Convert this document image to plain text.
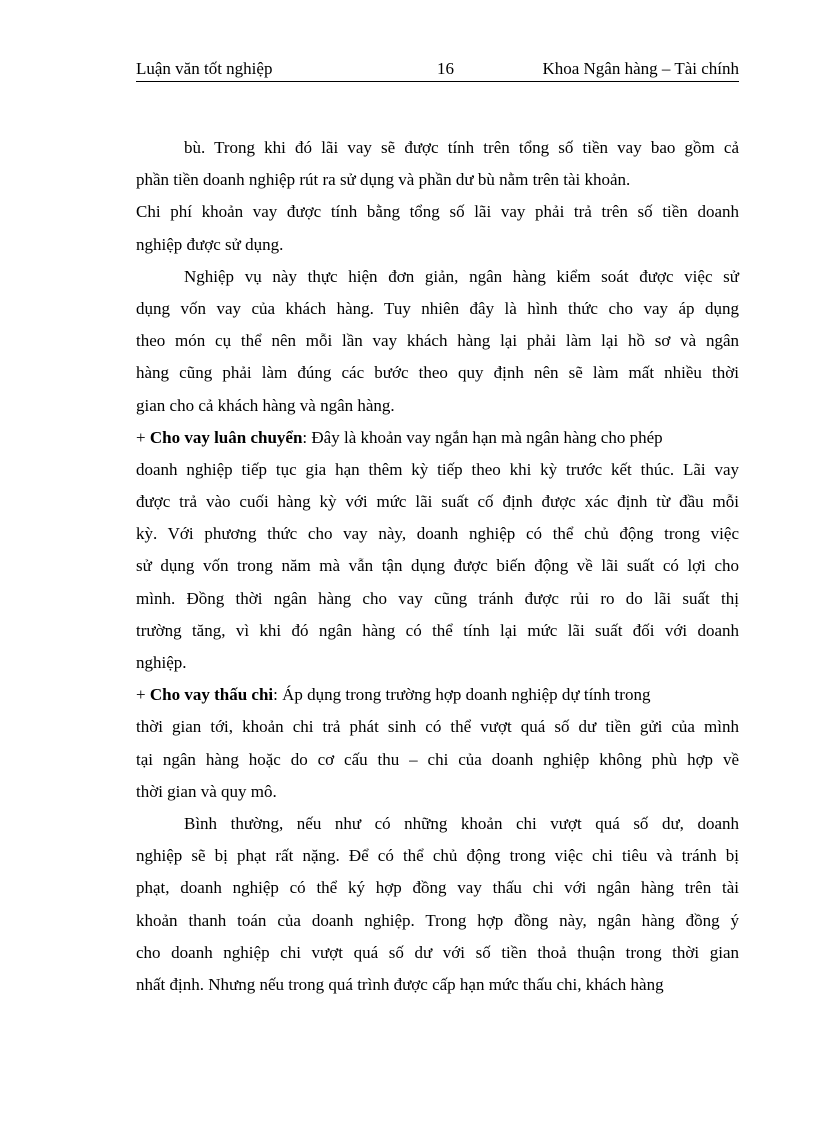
Luận văn tốt nghiệp	16	Khoa Ngân hàng – Tài chính
bù. Trong khi đó lãi vay sẽ được tính trên tổng số tiền vay bao gồm cả
phần tiền doanh nghiệp rút ra sử dụng và phần dư bù nằm trên tài khoản.
Chi phí khoản vay được tính bằng tổng số lãi vay phải trả trên số tiền doanh
nghiệp được sử dụng.
Nghiệp vụ này thực hiện đơn giản, ngân hàng kiểm soát được việc sử
dụng vốn vay của khách hàng. Tuy nhiên đây là hình thức cho vay áp dụng
theo món cụ thể nên mỗi lần vay khách hàng lại phải làm lại hồ sơ và ngân
hàng cũng phải làm đúng các bước theo quy định nên sẽ làm mất nhiều thời
gian cho cả khách hàng và ngân hàng.
+ Cho vay luân chuyển: Đây là khoản vay ngắn hạn mà ngân hàng cho phép
doanh nghiệp tiếp tục gia hạn thêm kỳ tiếp theo khi kỳ trước kết thúc. Lãi vay
được trả vào cuối hàng kỳ với mức lãi suất cố định được xác định từ đầu mỗi
kỳ. Với phương thức cho vay này, doanh nghiệp có thể chủ động trong việc
sử dụng vốn trong năm mà vẫn tận dụng được biến động về lãi suất có lợi cho
mình. Đồng thời ngân hàng cho vay cũng tránh được rủi ro do lãi suất thị
trường tăng, vì khi đó ngân hàng có thể tính lại mức lãi suất đối với doanh
nghiệp.
+ Cho vay thấu chi: Áp dụng trong trường hợp doanh nghiệp dự tính trong
thời gian tới, khoản chi trả phát sinh có thể vượt quá số dư tiền gửi của mình
tại ngân hàng hoặc do cơ cấu thu – chi của doanh nghiệp không phù hợp về
thời gian và quy mô.
Bình thường, nếu như có những khoản chi vượt quá số dư, doanh
nghiệp sẽ bị phạt rất nặng. Để có thể chủ động trong việc chi tiêu và tránh bị
phạt, doanh nghiệp có thể ký hợp đồng vay thấu chi với ngân hàng trên tài
khoản thanh toán của doanh nghiệp. Trong hợp đồng này, ngân hàng đồng ý
cho doanh nghiệp chi vượt quá số dư với số tiền thoả thuận trong thời gian
nhất định. Nhưng nếu trong quá trình được cấp hạn mức thấu chi, khách hàng
